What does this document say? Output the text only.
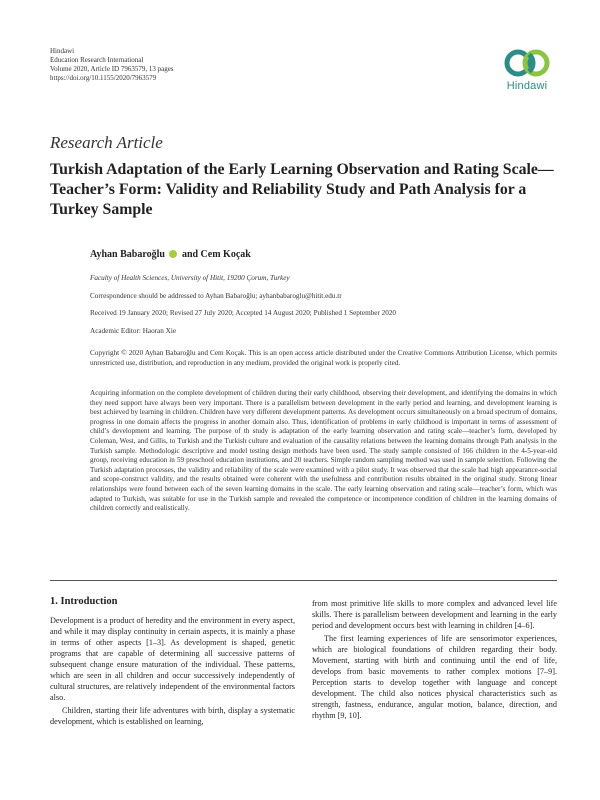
Hindawi
Education Research International
Volume 2020, Article ID 7963579, 13 pages
https://doi.org/10.1155/2020/7963579
Hindawi
Research Article
Turkish Adaptation of the Early Learning Observation and Rating Scale—Teacher’s Form: Validity and Reliability Study and Path Analysis for a Turkey Sample
Ayhan Babaroğlu and Cem Koçak
Faculty of Health Sciences, University of Hitit, 19200 Çorum, Turkey
Correspondence should be addressed to Ayhan Babaroğlu; ayhanbabaroglu@hitit.edu.tr
Received 19 January 2020; Revised 27 July 2020; Accepted 14 August 2020; Published 1 September 2020
Academic Editor: Haoran Xie
Copyright © 2020 Ayhan Babaroğlu and Cem Koçak. This is an open access article distributed under the Creative Commons Attribution License, which permits unrestricted use, distribution, and reproduction in any medium, provided the original work is properly cited.
Acquiring information on the complete development of children during their early childhood, observing their development, and identifying the domains in which they need support have always been very important. There is a parallelism between development in the early period and learning, and development learning is best achieved by learning in children. Children have very different development patterns. As development occurs simultaneously on a broad spectrum of domains, progress in one domain affects the progress in another domain also. Thus, identification of problems in early childhood is important in terms of assessment of child’s development and learning. The purpose of th study is adaptation of the early learning observation and rating scale—teacher’s form, developed by Coleman, West, and Gillis, to Turkish and the Turkish culture and evaluation of the causality relations between the learning domains through Path analysis in the Turkish sample. Methodologic descriptive and model testing design methods have been used. The study sample consisted of 166 children in the 4-5-year-old group, receiving education in 59 preschool education institutions, and 20 teachers. Simple random sampling method was used in sample selection. Following the Turkish adaptation processes, the validity and reliability of the scale were examined with a pilot study. It was observed that the scale had high appearance-social and scope-construct validity, and the results obtained were coherent with the usefulness and contribution results obtained in the original study. Strong linear relationships were found between each of the seven learning domains in the scale. The early learning observation and rating scale—teacher’s form, which was adapted to Turkish, was suitable for use in the Turkish sample and revealed the competence or incompetence condition of children in the learning domains of children correctly and realistically.
1. Introduction

Development is a product of heredity and the environment in every aspect, and while it may display continuity in certain aspects, it is mainly a phase in terms of other aspects [1–3]. As development is shaped, genetic programs that are capable of determining all successive patterns of subsequent change ensure maturation of the individual. These patterns, which are seen in all children and occur successively independently of cultural structures, are relatively independent of the environmental factors also.

Children, starting their life adventures with birth, display a systematic development, which is established on learning,

from most primitive life skills to more complex and advanced level life skills. There is parallelism between development and learning in the early period and development occurs best with learning in children [4–6].

The first learning experiences of life are sensorimotor experiences, which are biological foundations of children regarding their body. Movement, starting with birth and continuing until the end of life, develops from basic movements to rather complex motions [7–9]. Perception starts to develop together with language and concept development. The child also notices physical characteristics such as strength, fastness, endurance, angular motion, balance, direction, and rhythm [9, 10].
